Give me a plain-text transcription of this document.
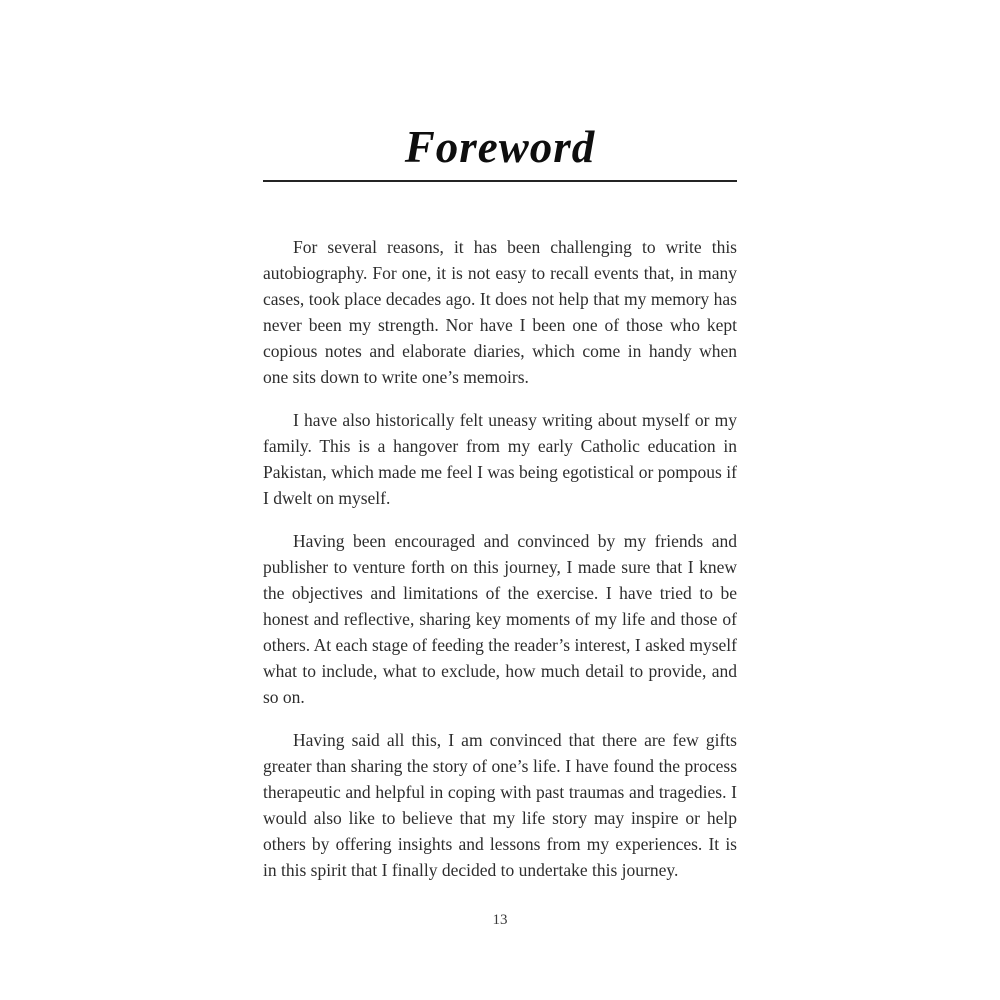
Foreword

For several reasons, it has been challenging to write this autobiography. For one, it is not easy to recall events that, in many cases, took place decades ago. It does not help that my memory has never been my strength. Nor have I been one of those who kept copious notes and elaborate diaries, which come in handy when one sits down to write one’s memoirs.

I have also historically felt uneasy writing about myself or my family. This is a hangover from my early Catholic education in Pakistan, which made me feel I was being egotistical or pompous if I dwelt on myself.

Having been encouraged and convinced by my friends and publisher to venture forth on this journey, I made sure that I knew the objectives and limitations of the exercise. I have tried to be honest and reflective, sharing key moments of my life and those of others. At each stage of feeding the reader’s interest, I asked myself what to include, what to exclude, how much detail to provide, and so on.

Having said all this, I am convinced that there are few gifts greater than sharing the story of one’s life. I have found the process therapeutic and helpful in coping with past traumas and tragedies. I would also like to believe that my life story may inspire or help others by offering insights and lessons from my experiences. It is in this spirit that I finally decided to undertake this journey.

13
